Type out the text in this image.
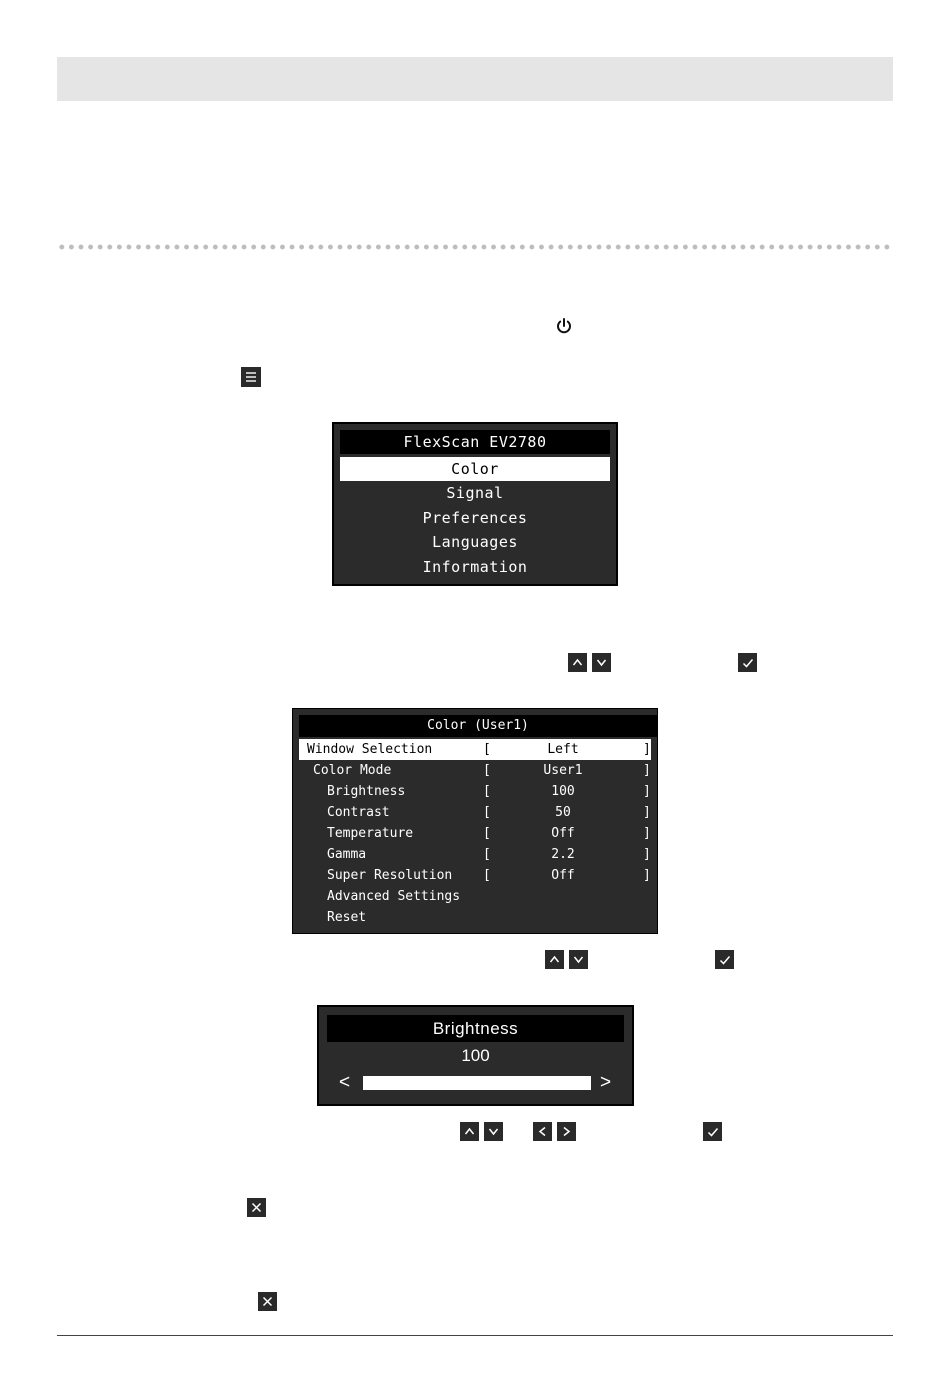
FlexScan EV2780
Color
Signal
Preferences
Languages
Information
Color (User1)
Window Selection	[	Left	]
Color Mode	[	User1	]
Brightness	[	100	]
Contrast	[	50	]
Temperature	[	Off	]
Gamma	[	2.2	]
Super Resolution [	Off	]
Advanced Settings
Reset
Brightness
100
<	>
